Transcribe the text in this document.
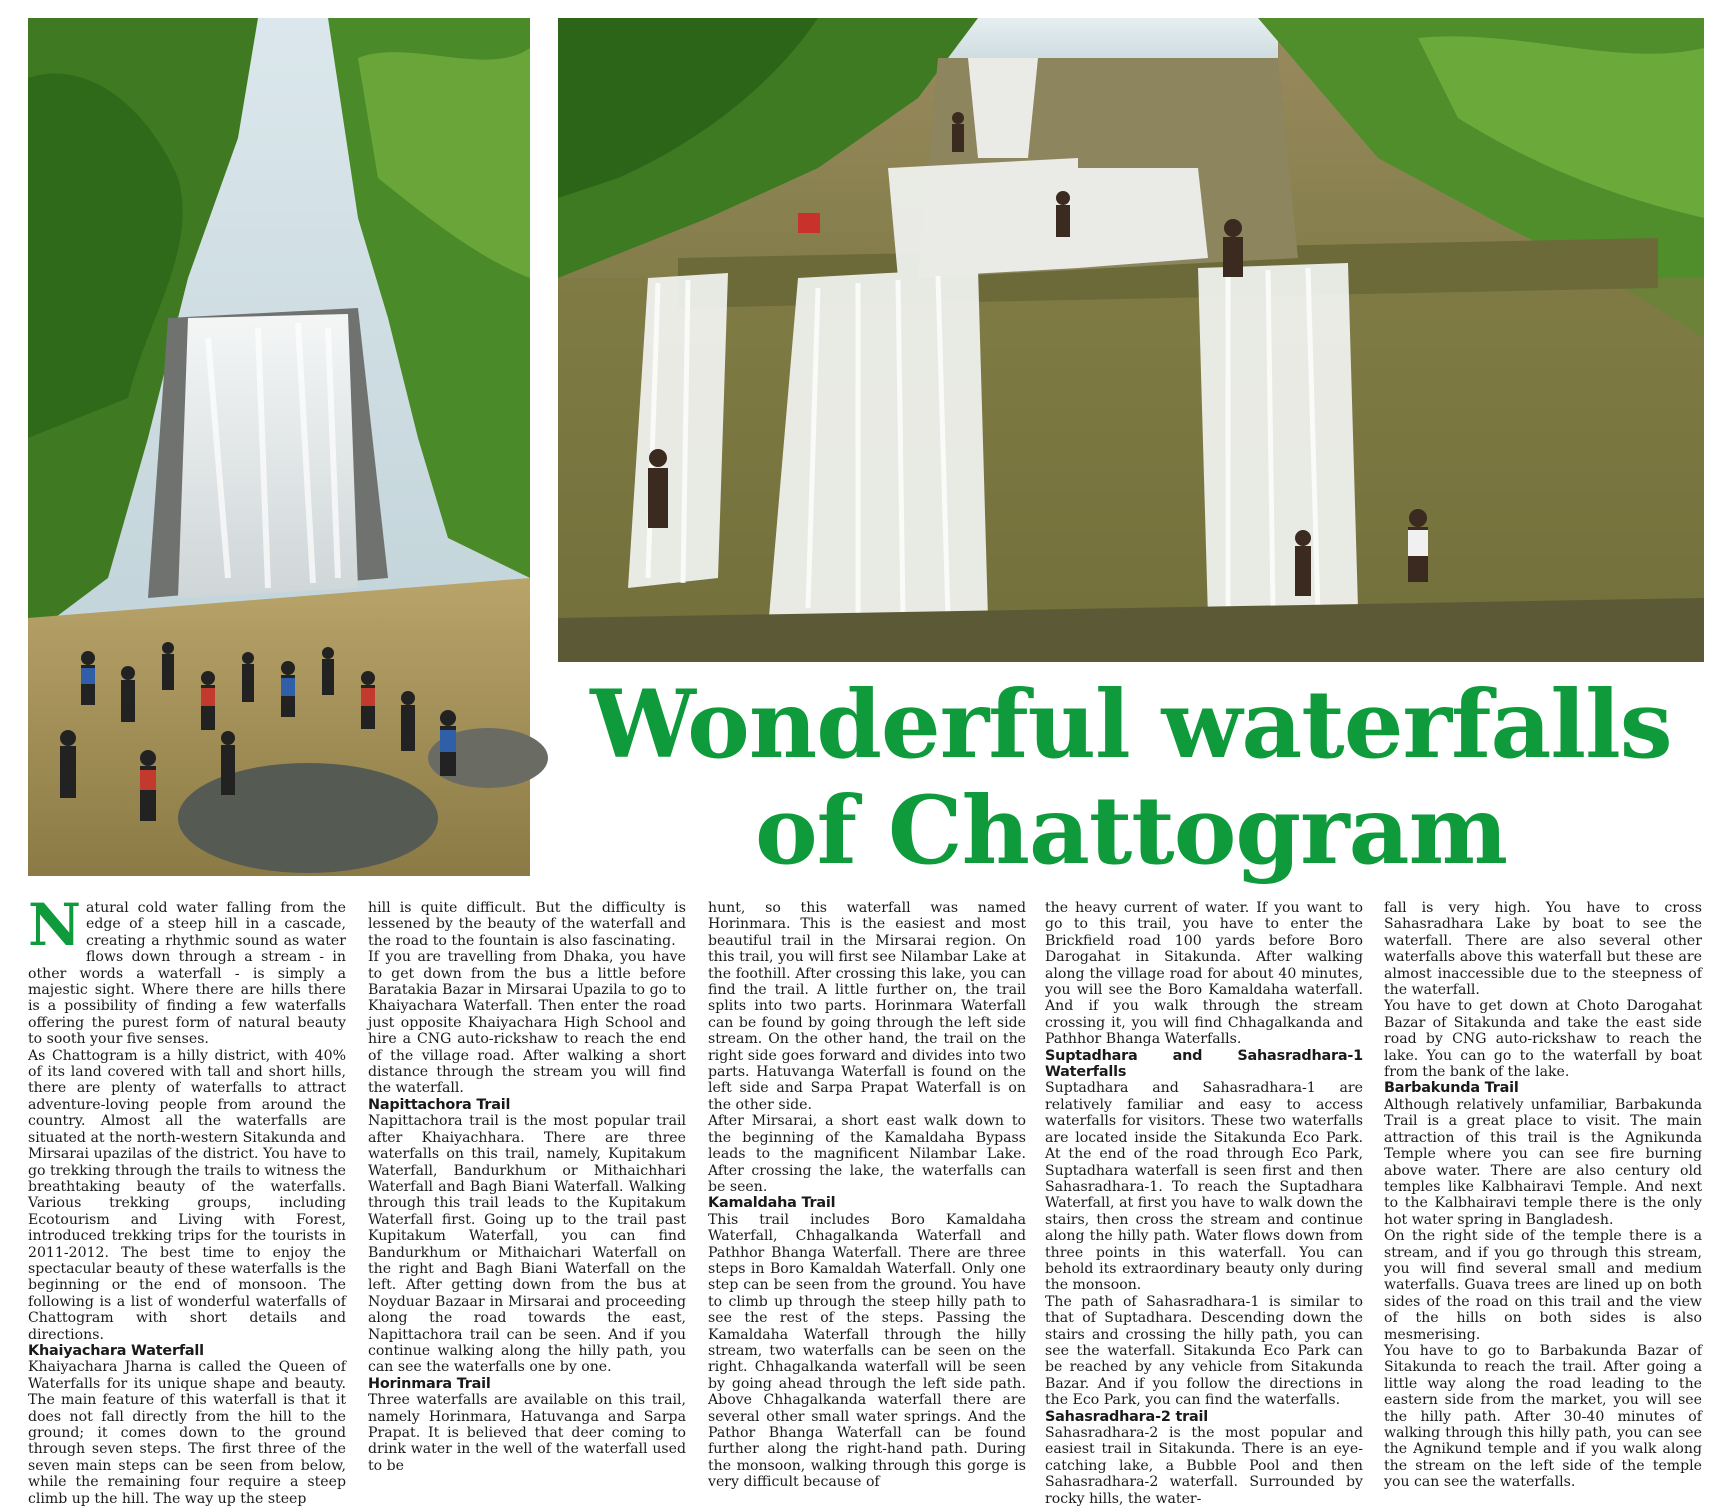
Wonderful waterfalls
of Chattogram

Natural cold water falling from the edge of a steep hill in a cascade, creating a rhythmic sound as water flows down through a stream - in other words a waterfall - is simply a majestic sight. Where there are hills there is a possibility of finding a few waterfalls offering the purest form of natural beauty to sooth your five senses.

As Chattogram is a hilly district, with 40% of its land covered with tall and short hills, there are plenty of waterfalls to attract adventure-loving people from around the country. Almost all the waterfalls are situated at the north-western Sitakunda and Mirsarai upazilas of the district. You have to go trekking through the trails to witness the breathtaking beauty of the waterfalls. Various trekking groups, including Ecotourism and Living with Forest, introduced trekking trips for the tourists in 2011-2012. The best time to enjoy the spectacular beauty of these waterfalls is the beginning or the end of monsoon. The following is a list of wonderful waterfalls of Chattogram with short details and directions.

Khaiyachara Waterfall

Khaiyachara Jharna is called the Queen of Waterfalls for its unique shape and beauty. The main feature of this waterfall is that it does not fall directly from the hill to the ground; it comes down to the ground through seven steps. The first three of the seven main steps can be seen from below, while the remaining four require a steep climb up the hill. The way up the steep

hill is quite difficult. But the difficulty is lessened by the beauty of the waterfall and the road to the fountain is also fascinating.

If you are travelling from Dhaka, you have to get down from the bus a little before Baratakia Bazar in Mirsarai Upazila to go to Khaiyachara Waterfall. Then enter the road just opposite Khaiyachara High School and hire a CNG auto-rickshaw to reach the end of the village road. After walking a short distance through the stream you will find the waterfall.

Napittachora Trail

Napittachora trail is the most popular trail after Khaiyachhara. There are three waterfalls on this trail, namely, Kupitakum Waterfall, Bandurkhum or Mithaichhari Waterfall and Bagh Biani Waterfall. Walking through this trail leads to the Kupitakum Waterfall first. Going up to the trail past Kupitakum Waterfall, you can find Bandurkhum or Mithaichari Waterfall on the right and Bagh Biani Waterfall on the left. After getting down from the bus at Noyduar Bazaar in Mirsarai and proceeding along the road towards the east, Napittachora trail can be seen. And if you continue walking along the hilly path, you can see the waterfalls one by one.

Horinmara Trail

Three waterfalls are available on this trail, namely Horinmara, Hatuvanga and Sarpa Prapat. It is believed that deer coming to drink water in the well of the waterfall used to be

hunt, so this waterfall was named Horinmara. This is the easiest and most beautiful trail in the Mirsarai region. On this trail, you will first see Nilambar Lake at the foothill. After crossing this lake, you can find the trail. A little further on, the trail splits into two parts. Horinmara Waterfall can be found by going through the left side stream. On the other hand, the trail on the right side goes forward and divides into two parts. Hatuvanga Waterfall is found on the left side and Sarpa Prapat Waterfall is on the other side.

After Mirsarai, a short east walk down to the beginning of the Kamaldaha Bypass leads to the magnificent Nilambar Lake. After crossing the lake, the waterfalls can be seen.

Kamaldaha Trail

This trail includes Boro Kamaldaha Waterfall, Chhagalkanda Waterfall and Pathhor Bhanga Waterfall. There are three steps in Boro Kamaldah Waterfall. Only one step can be seen from the ground. You have to climb up through the steep hilly path to see the rest of the steps. Passing the Kamaldaha Waterfall through the hilly stream, two waterfalls can be seen on the right. Chhagalkanda waterfall will be seen by going ahead through the left side path. Above Chhagalkanda waterfall there are several other small water springs. And the Pathor Bhanga Waterfall can be found further along the right-hand path. During the monsoon, walking through this gorge is very difficult because of

the heavy current of water. If you want to go to this trail, you have to enter the Brickfield road 100 yards before Boro Darogahat in Sitakunda. After walking along the village road for about 40 minutes, you will see the Boro Kamaldaha waterfall. And if you walk through the stream crossing it, you will find Chhagalkanda and Pathhor Bhanga Waterfalls.

Suptadhara and Sahasradhara-1 Waterfalls

Suptadhara and Sahasradhara-1 are relatively familiar and easy to access waterfalls for visitors. These two waterfalls are located inside the Sitakunda Eco Park. At the end of the road through Eco Park, Suptadhara waterfall is seen first and then Sahasradhara-1. To reach the Suptadhara Waterfall, at first you have to walk down the stairs, then cross the stream and continue along the hilly path. Water flows down from three points in this waterfall. You can behold its extraordinary beauty only during the monsoon.

The path of Sahasradhara-1 is similar to that of Suptadhara. Descending down the stairs and crossing the hilly path, you can see the waterfall. Sitakunda Eco Park can be reached by any vehicle from Sitakunda Bazar. And if you follow the directions in the Eco Park, you can find the waterfalls.

Sahasradhara-2 trail

Sahasradhara-2 is the most popular and easiest trail in Sitakunda. There is an eye-catching lake, a Bubble Pool and then Sahasradhara-2 waterfall. Surrounded by rocky hills, the water-

fall is very high. You have to cross Sahasradhara Lake by boat to see the waterfall. There are also several other waterfalls above this waterfall but these are almost inaccessible due to the steepness of the waterfall.

You have to get down at Choto Darogahat Bazar of Sitakunda and take the east side road by CNG auto-rickshaw to reach the lake. You can go to the waterfall by boat from the bank of the lake.

Barbakunda Trail

Although relatively unfamiliar, Barbakunda Trail is a great place to visit. The main attraction of this trail is the Agnikunda Temple where you can see fire burning above water. There are also century old temples like Kalbhairavi Temple. And next to the Kalbhairavi temple there is the only hot water spring in Bangladesh.

On the right side of the temple there is a stream, and if you go through this stream, you will find several small and medium waterfalls. Guava trees are lined up on both sides of the road on this trail and the view of the hills on both sides is also mesmerising.

You have to go to Barbakunda Bazar of Sitakunda to reach the trail. After going a little way along the road leading to the eastern side from the market, you will see the hilly path. After 30-40 minutes of walking through this hilly path, you can see the Agnikund temple and if you walk along the stream on the left side of the temple you can see the waterfalls.
